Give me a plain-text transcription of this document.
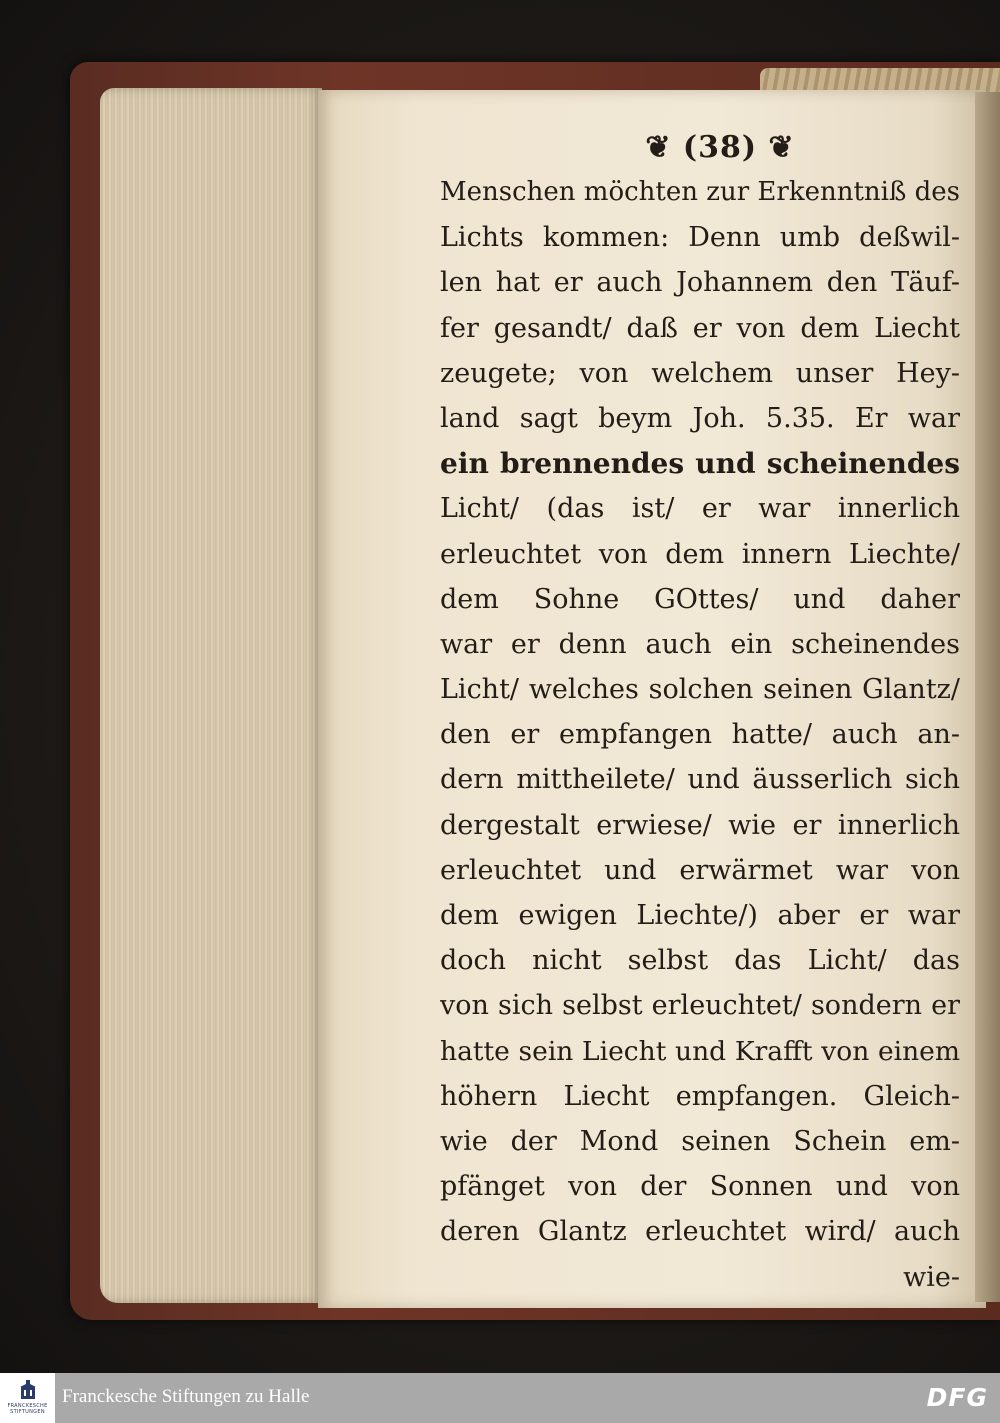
❦ (38) ❦
Menschen möchten zur Erkenntniß des
Lichts kommen: Denn umb deßwil-
len hat er auch Johannem den Täuf-
fer gesandt/ daß er von dem Liecht
zeugete; von welchem unser Hey-
land sagt beym Joh. 5.35. Er war
ein brennendes und scheinendes
Licht/ (das ist/ er war innerlich
erleuchtet von dem innern Liechte/
dem Sohne GOttes/ und daher
war er denn auch ein scheinendes
Licht/ welches solchen seinen Glantz/
den er empfangen hatte/ auch an-
dern mittheilete/ und äusserlich sich
dergestalt erwiese/ wie er innerlich
erleuchtet und erwärmet war von
dem ewigen Liechte/) aber er war
doch nicht selbst das Licht/ das
von sich selbst erleuchtet/ sondern er
hatte sein Liecht und Krafft von einem
höhern Liecht empfangen. Gleich-
wie der Mond seinen Schein em-
pfänget von der Sonnen und von
deren Glantz erleuchtet wird/ auch
wie-
FRANCKESCHE
STIFTUNGEN
Franckesche Stiftungen zu Halle	DFG
